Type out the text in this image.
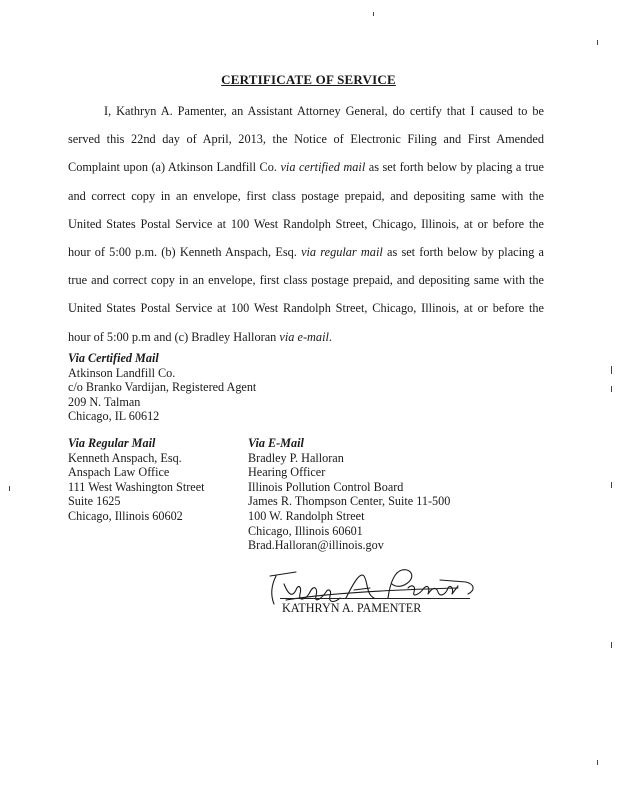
CERTIFICATE OF SERVICE
I, Kathryn A. Pamenter, an Assistant Attorney General, do certify that I caused to be served this 22nd day of April, 2013, the Notice of Electronic Filing and First Amended Complaint upon (a) Atkinson Landfill Co. via certified mail as set forth below by placing a true and correct copy in an envelope, first class postage prepaid, and depositing same with the United States Postal Service at 100 West Randolph Street, Chicago, Illinois, at or before the hour of 5:00 p.m. (b) Kenneth Anspach, Esq. via regular mail as set forth below by placing a true and correct copy in an envelope, first class postage prepaid, and depositing same with the United States Postal Service at 100 West Randolph Street, Chicago, Illinois, at or before the hour of 5:00 p.m and (c) Bradley Halloran via e-mail.
Via Certified Mail
Atkinson Landfill Co.
c/o Branko Vardijan, Registered Agent
209 N. Talman
Chicago, IL 60612
Via Regular Mail
Kenneth Anspach, Esq.
Anspach Law Office
111 West Washington Street
Suite 1625
Chicago, Illinois 60602
Via E-Mail
Bradley P. Halloran
Hearing Officer
Illinois Pollution Control Board
James R. Thompson Center, Suite 11-500
100 W. Randolph Street
Chicago, Illinois 60601
Brad.Halloran@illinois.gov
KATHRYN A. PAMENTER
